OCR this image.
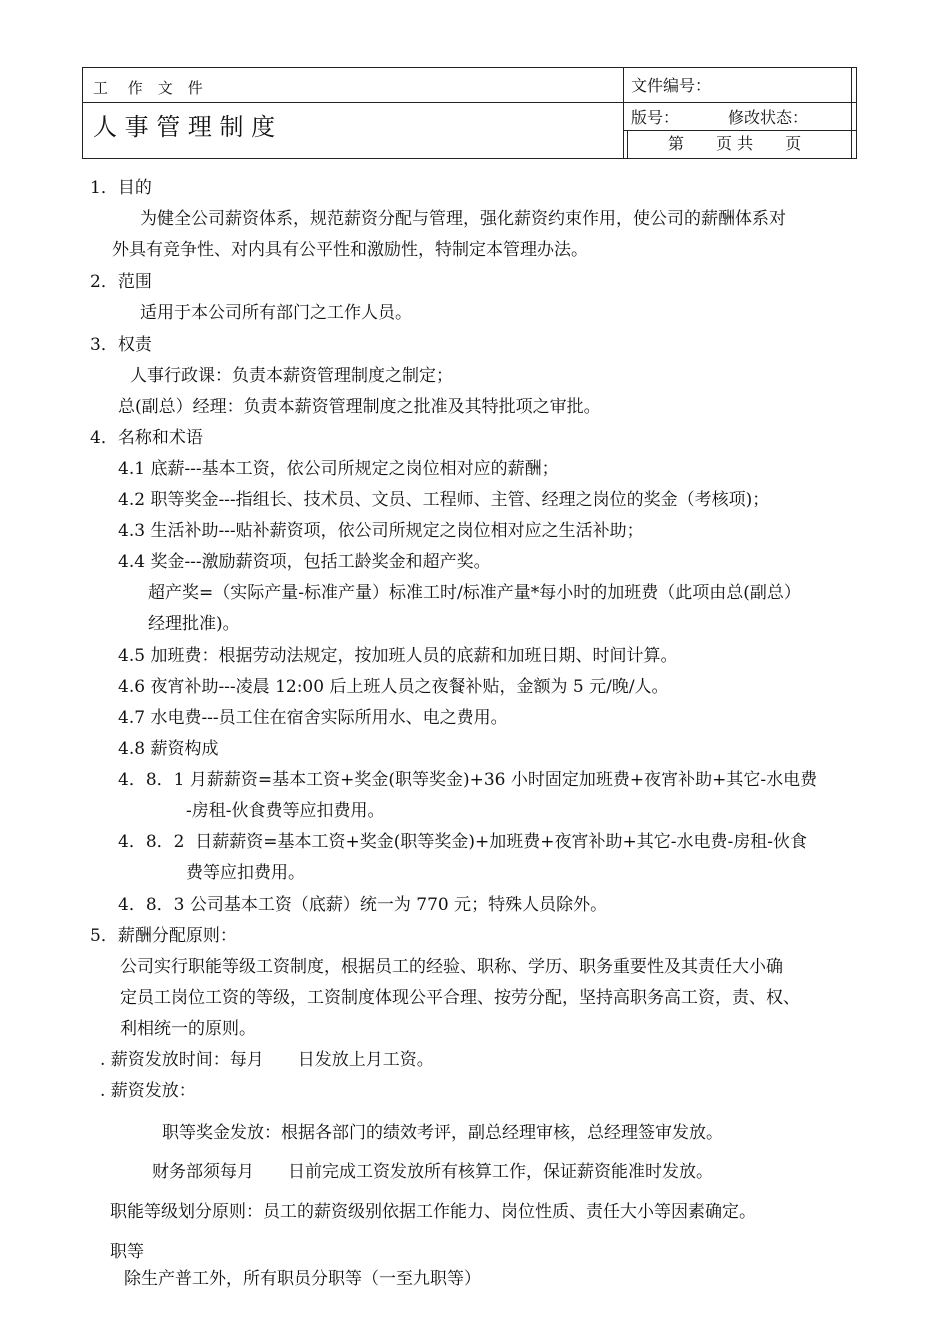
工　 作　文　件
人 事 管 理 制 度
文件编号：
版号：	修改状态：
第　　页 共　　页
1．目的
为健全公司薪资体系，规范薪资分配与管理，强化薪资约束作用，使公司的薪酬体系对
外具有竞争性、对内具有公平性和激励性，特制定本管理办法。
2．范围
适用于本公司所有部门之工作人员。
3．权责
人事行政课：负责本薪资管理制度之制定；
总(副总）经理：负责本薪资管理制度之批准及其特批项之审批。
4．名称和术语
4.1 底薪---基本工资，依公司所规定之岗位相对应的薪酬；
4.2 职等奖金---指组长、技术员、文员、工程师、主管、经理之岗位的奖金（考核项)；
4.3 生活补助---贴补薪资项，依公司所规定之岗位相对应之生活补助；
4.4 奖金---激励薪资项，包括工龄奖金和超产奖。
超产奖=（实际产量-标准产量）标准工时/标准产量*每小时的加班费（此项由总(副总）
经理批准)。
4.5 加班费：根据劳动法规定，按加班人员的底薪和加班日期、时间计算。
4.6 夜宵补助---凌晨 12:00 后上班人员之夜餐补贴，金额为 5 元/晚/人。
4.7 水电费---员工住在宿舍实际所用水、电之费用。
4.8 薪资构成
4．8．1 月薪薪资=基本工资+奖金(职等奖金)+36 小时固定加班费+夜宵补助+其它-水电费
-房租-伙食费等应扣费用。
4．8．2  日薪薪资=基本工资+奖金(职等奖金)+加班费+夜宵补助+其它-水电费-房租-伙食
费等应扣费用。
4．8．3 公司基本工资（底薪）统一为 770 元；特殊人员除外。
5．薪酬分配原则：
公司实行职能等级工资制度，根据员工的经验、职称、学历、职务重要性及其责任大小确
定员工岗位工资的等级，工资制度体现公平合理、按劳分配，坚持高职务高工资，责、权、
利相统一的原则。
. 薪资发放时间：每月　　日发放上月工资。
. 薪资发放：
职等奖金发放：根据各部门的绩效考评，副总经理审核，总经理签审发放。
财务部须每月　　日前完成工资发放所有核算工作，保证薪资能准时发放。
职能等级划分原则：员工的薪资级别依据工作能力、岗位性质、责任大小等因素确定。
职等
除生产普工外，所有职员分职等（一至九职等）
